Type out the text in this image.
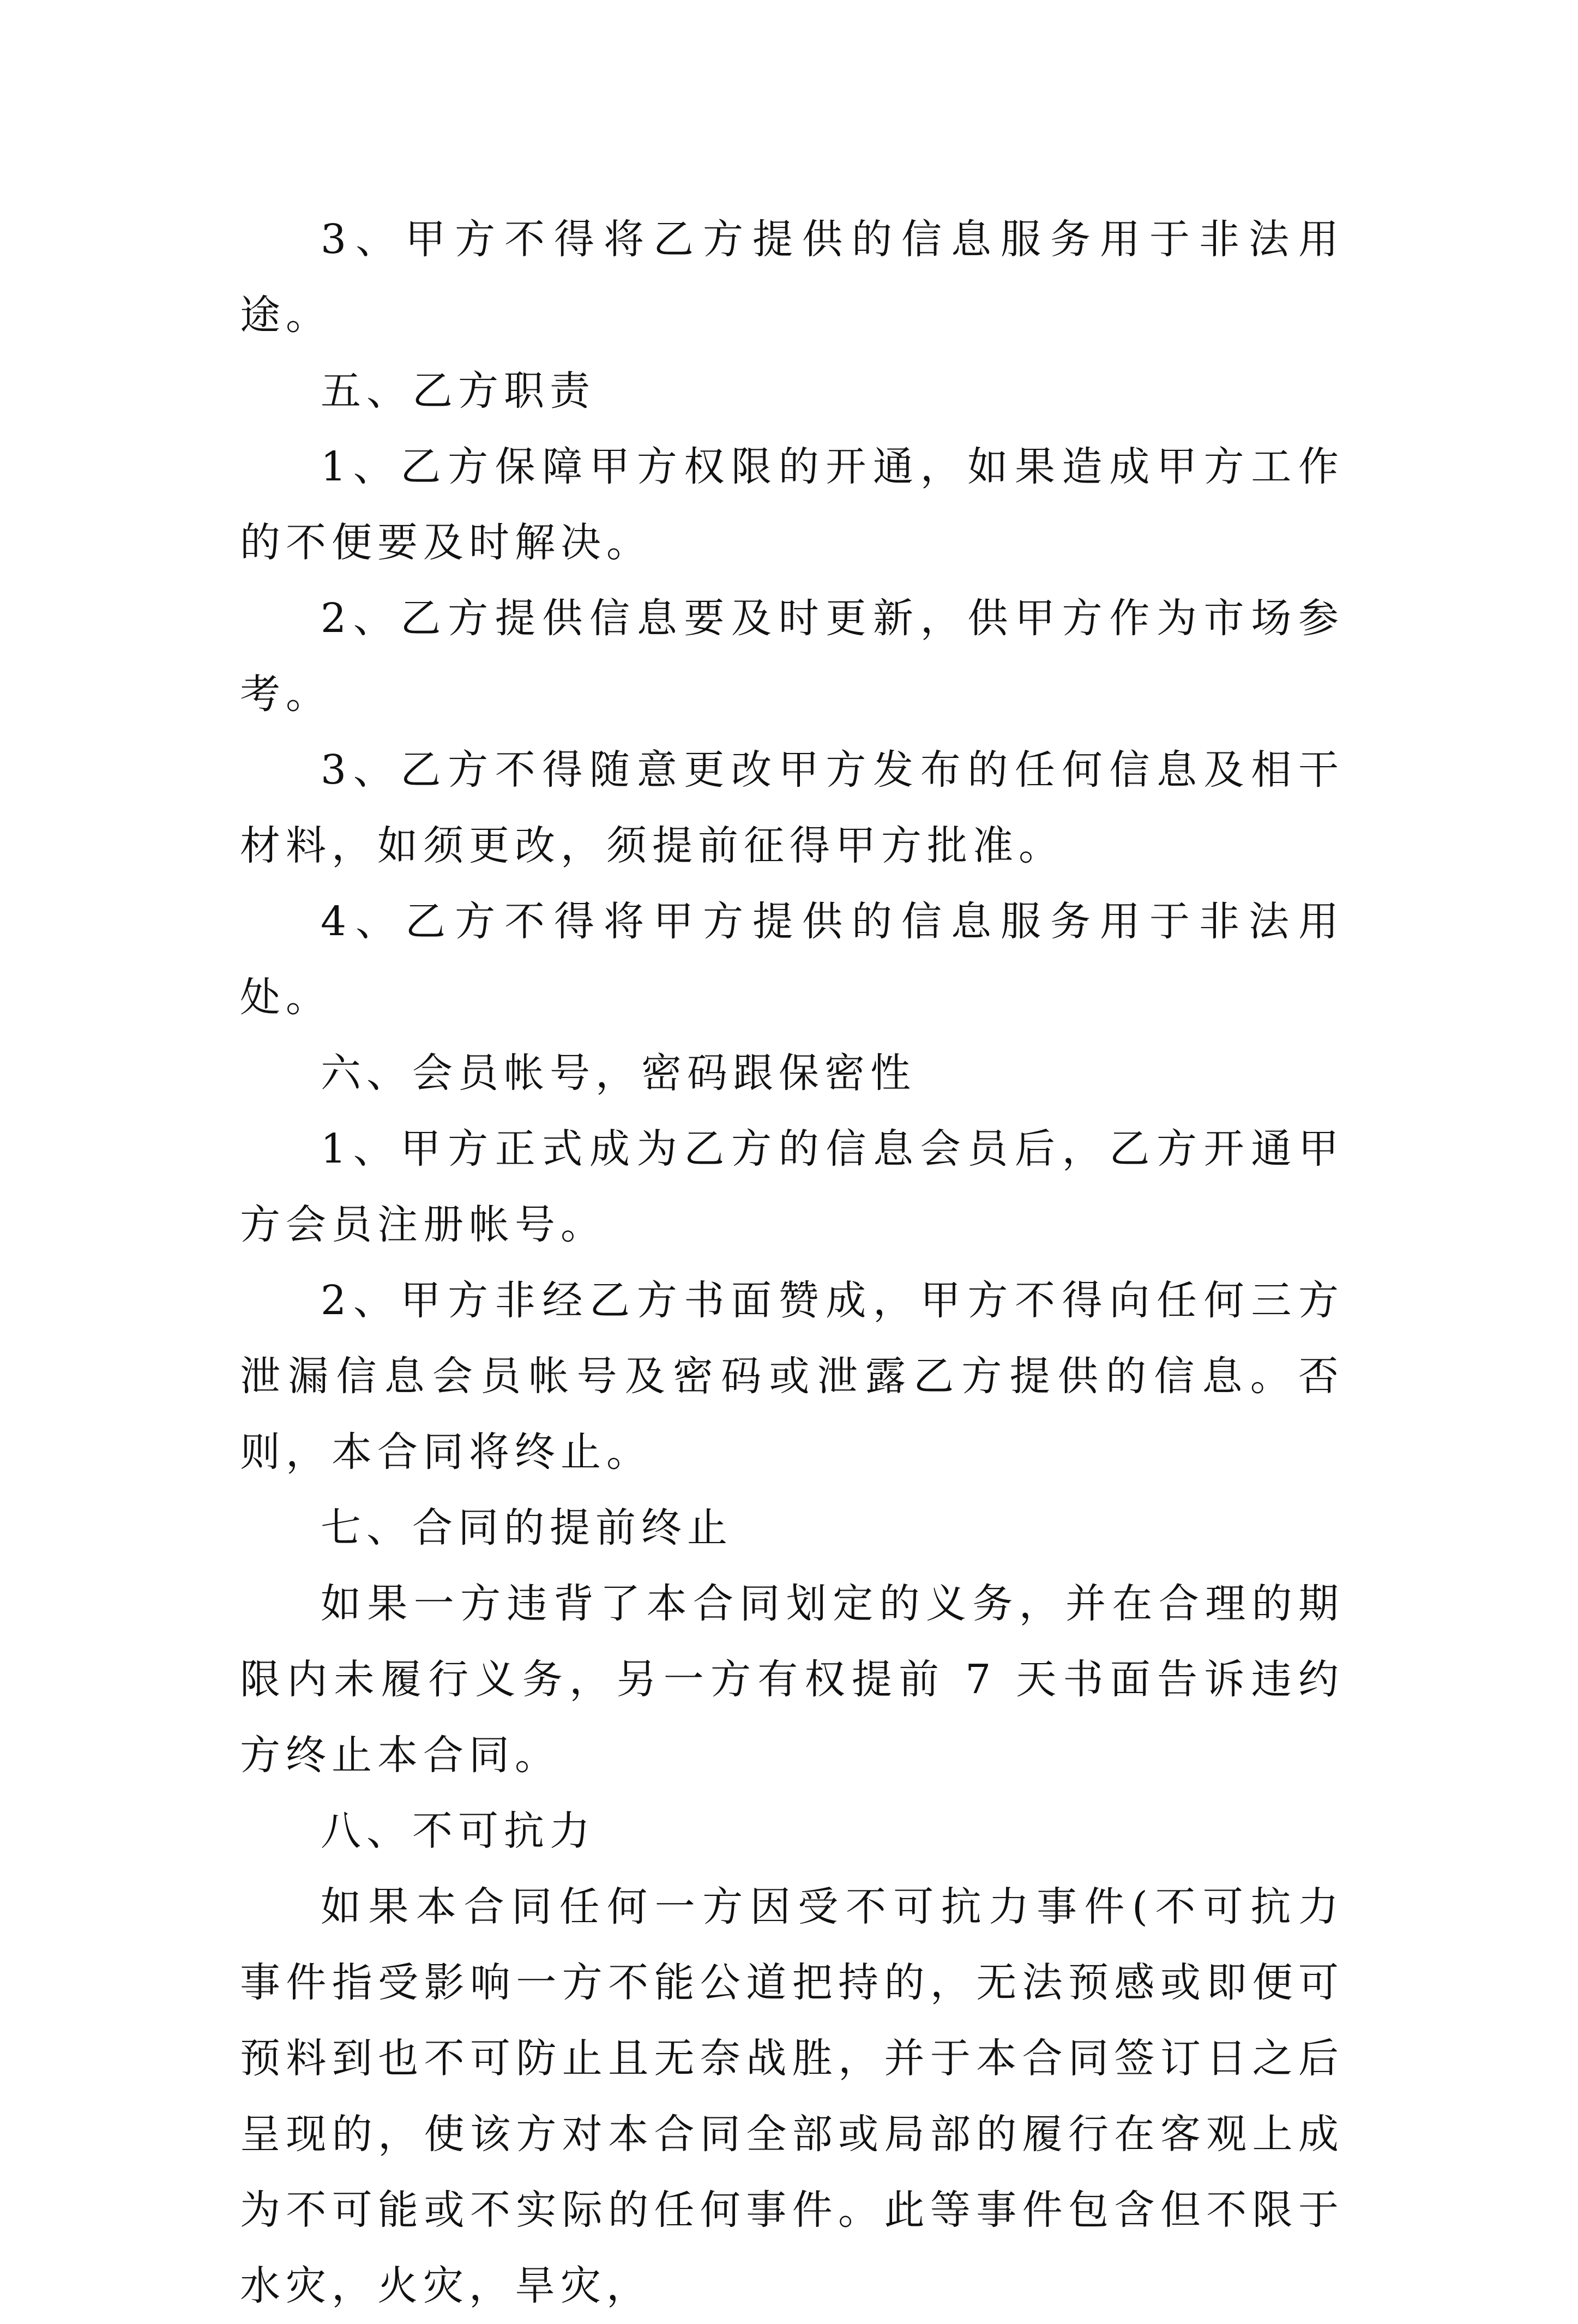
3、甲方不得将乙方提供的信息服务用于非法用途。

五、乙方职责

1、乙方保障甲方权限的开通，如果造成甲方工作的不便要及时解决。

2、乙方提供信息要及时更新，供甲方作为市场参考。

3、乙方不得随意更改甲方发布的任何信息及相干材料，如须更改，须提前征得甲方批准。

4、乙方不得将甲方提供的信息服务用于非法用处。

六、会员帐号，密码跟保密性

1、甲方正式成为乙方的信息会员后，乙方开通甲方会员注册帐号。

2、甲方非经乙方书面赞成，甲方不得向任何三方泄漏信息会员帐号及密码或泄露乙方提供的信息。否则，本合同将终止。

七、合同的提前终止

如果一方违背了本合同划定的义务，并在合理的期限内未履行义务，另一方有权提前 7 天书面告诉违约方终止本合同。

八、不可抗力

如果本合同任何一方因受不可抗力事件(不可抗力事件指受影响一方不能公道把持的，无法预感或即便可预料到也不可防止且无奈战胜，并于本合同签订日之后呈现的，使该方对本合同全部或局部的履行在客观上成为不可能或不实际的任何事件。此等事件包含但不限于水灾，火灾，旱灾，
